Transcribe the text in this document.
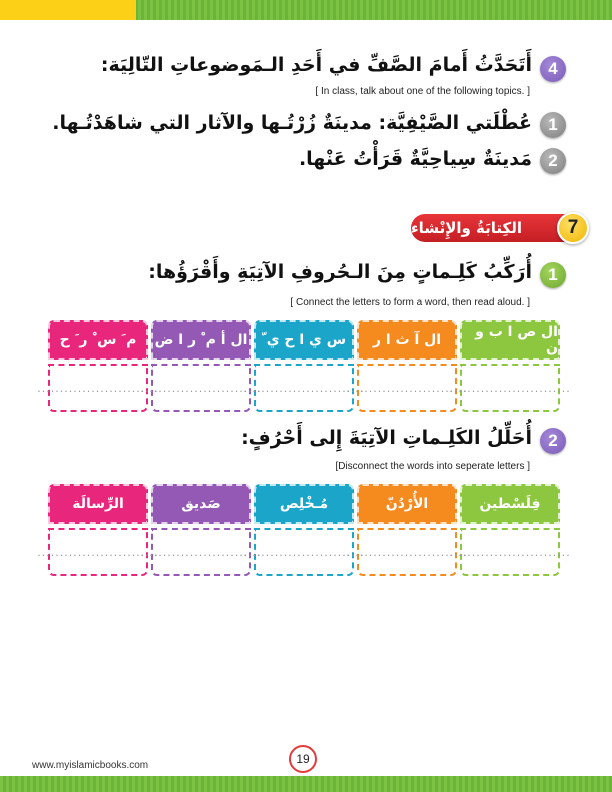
4
أَتَحَدَّثُ أَمامَ الصَّفِّ في أَحَدِ الـمَوضوعاتِ التّالِيَة:
[ In class, talk about one of the following topics. ]
1
عُطْلَتي الصَّيْفِيَّة: مدينَةٌ زُرْتُـها والآثار التي شاهَدْتُـها.
2
مَدينَةٌ سِياحِيَّةٌ قَرَأْتُ عَنْها.
الكِتابَةُ والإِنْشاء	7
1
أُرَكِّبُ كَلِـماتٍ مِنَ الـحُروفِ الآتِيَةِ وأَقْرَؤُها:
[ Connect the letters to form a word, then read aloud. ]
ال ص ا ب و ن
...........................
ال آ ث ا ر
...........................
س ي ا ح ي ّ
...........................
ال أ م ْ ر ا ض
...........................
م َ س ْ ر َ ح
...........................
2
أُحَلِّلُ الكَلِـماتِ الآتِيَةَ إِلى أَحْرُفٍ:
[Disconnect the words into seperate letters ]
فِلَسْطين
...........................
الأُرْدُنّ
...........................
مُـخْلِص
...........................
صَديق
...........................
الرِّسالَة
...........................
www.myislamicbooks.com	19
